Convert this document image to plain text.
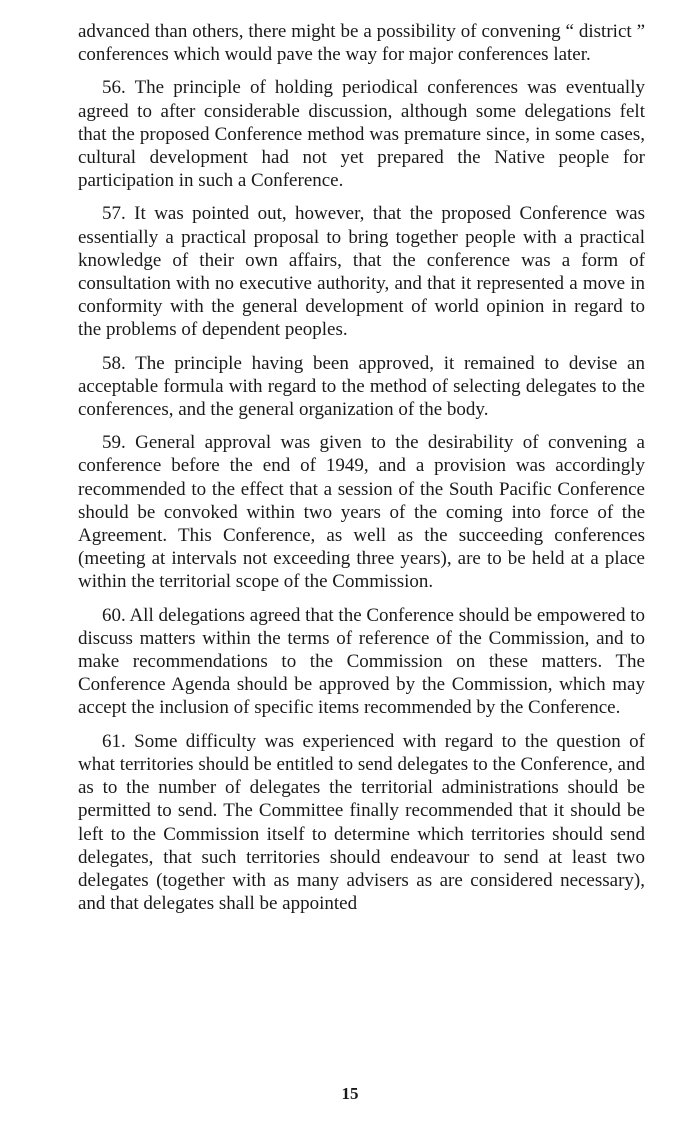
advanced than others, there might be a possibility of convening “ district ” conferences which would pave the way for major conferences later.

56. The principle of holding periodical conferences was eventually agreed to after considerable discussion, although some delegations felt that the proposed Conference method was premature since, in some cases, cultural development had not yet prepared the Native people for participation in such a Conference.

57. It was pointed out, however, that the proposed Conference was essentially a practical proposal to bring together people with a practical knowledge of their own affairs, that the conference was a form of consultation with no executive authority, and that it represented a move in conformity with the general development of world opinion in regard to the problems of dependent peoples.

58. The principle having been approved, it remained to devise an acceptable formula with regard to the method of selecting delegates to the conferences, and the general organization of the body.

59. General approval was given to the desirability of convening a conference before the end of 1949, and a provision was accordingly recommended to the effect that a session of the South Pacific Conference should be convoked within two years of the coming into force of the Agreement. This Conference, as well as the succeeding conferences (meeting at intervals not exceeding three years), are to be held at a place within the territorial scope of the Commission.

60. All delegations agreed that the Conference should be empowered to discuss matters within the terms of reference of the Commission, and to make recommendations to the Commission on these matters. The Conference Agenda should be approved by the Commission, which may accept the inclusion of specific items recommended by the Conference.

61. Some difficulty was experienced with regard to the question of what territories should be entitled to send delegates to the Conference, and as to the number of delegates the territorial administrations should be permitted to send. The Committee finally recommended that it should be left to the Commission itself to determine which territories should send delegates, that such territories should endeavour to send at least two delegates (together with as many advisers as are considered necessary), and that delegates shall be appointed

15
